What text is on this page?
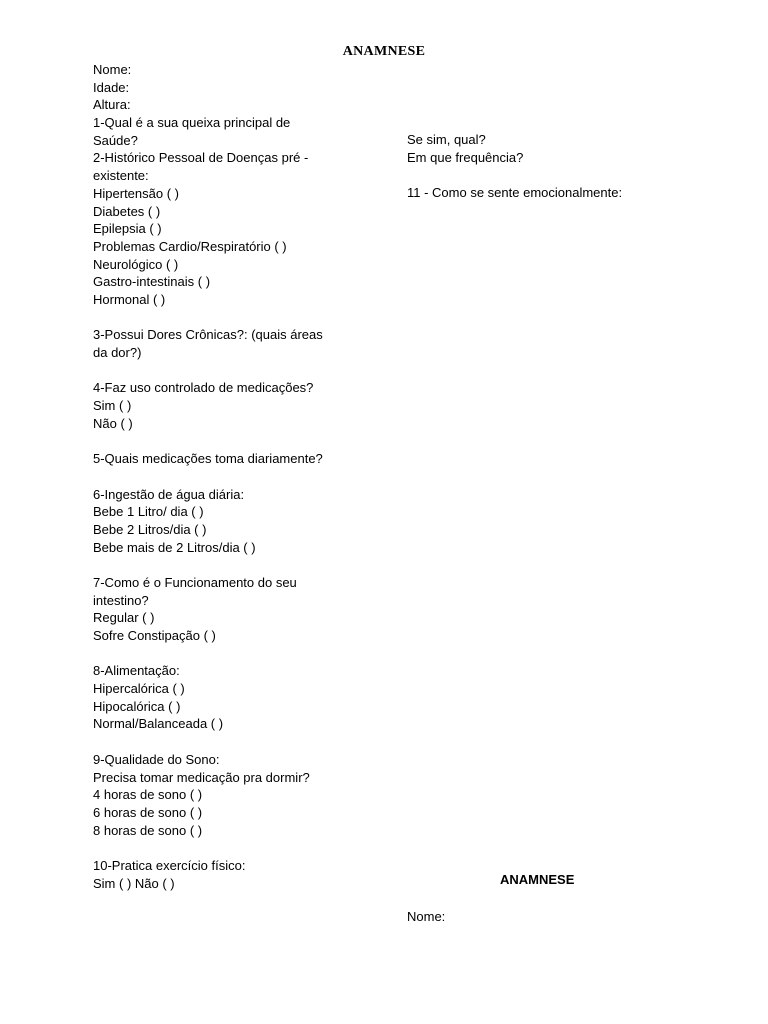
ANAMNESE
Nome:
Idade:
Altura:
1-Qual é a sua queixa principal de
Saúde?
2-Histórico Pessoal de Doenças pré -
existente:
Hipertensão ( )
Diabetes ( )
Epilepsia ( )
Problemas Cardio/Respiratório ( )
Neurológico ( )
Gastro-intestinais ( )
Hormonal ( )
3-Possui Dores Crônicas?: (quais áreas
da dor?)
4-Faz uso controlado de medicações?
Sim ( )
Não ( )
5-Quais medicações toma diariamente?
6-Ingestão de água diária:
Bebe 1 Litro/ dia ( )
Bebe 2 Litros/dia ( )
Bebe mais de 2 Litros/dia ( )
7-Como é o Funcionamento do seu
intestino?
Regular ( )
Sofre Constipação ( )
8-Alimentação:
Hipercalórica ( )
Hipocalórica ( )
Normal/Balanceada ( )
9-Qualidade do Sono:
Precisa tomar medicação pra dormir?
4 horas de sono ( )
6 horas de sono ( )
8 horas de sono ( )
10-Pratica exercício físico:
Sim ( ) Não ( )
Se sim, qual?
Em que frequência?
11 - Como se sente emocionalmente:
ANAMNESE
Nome:
